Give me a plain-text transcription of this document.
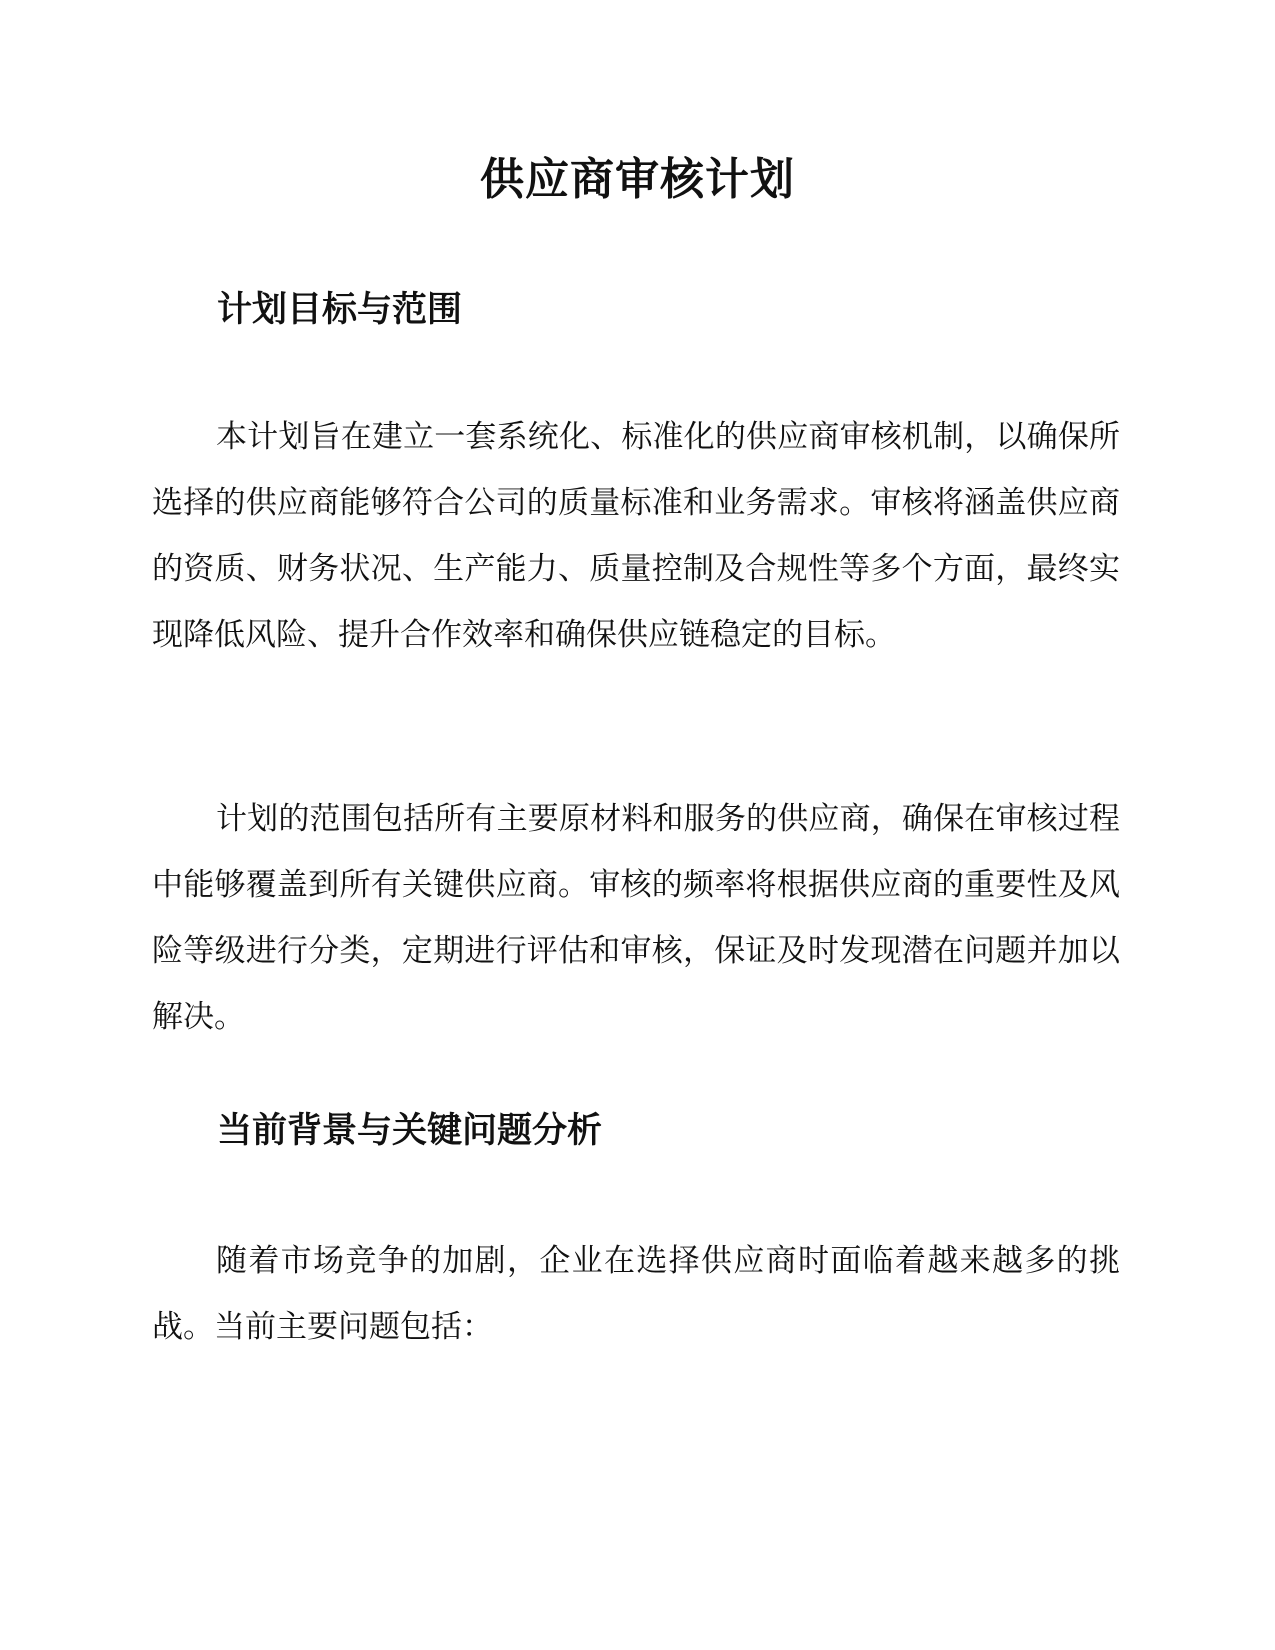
供应商审核计划
计划目标与范围

本计划旨在建立一套系统化、标准化的供应商审核机制，以确保所选择的供应商能够符合公司的质量标准和业务需求。审核将涵盖供应商的资质、财务状况、生产能力、质量控制及合规性等多个方面，最终实现降低风险、提升合作效率和确保供应链稳定的目标。

计划的范围包括所有主要原材料和服务的供应商，确保在审核过程中能够覆盖到所有关键供应商。审核的频率将根据供应商的重要性及风险等级进行分类，定期进行评估和审核，保证及时发现潜在问题并加以解决。

当前背景与关键问题分析

随着市场竞争的加剧，企业在选择供应商时面临着越来越多的挑战。当前主要问题包括：
